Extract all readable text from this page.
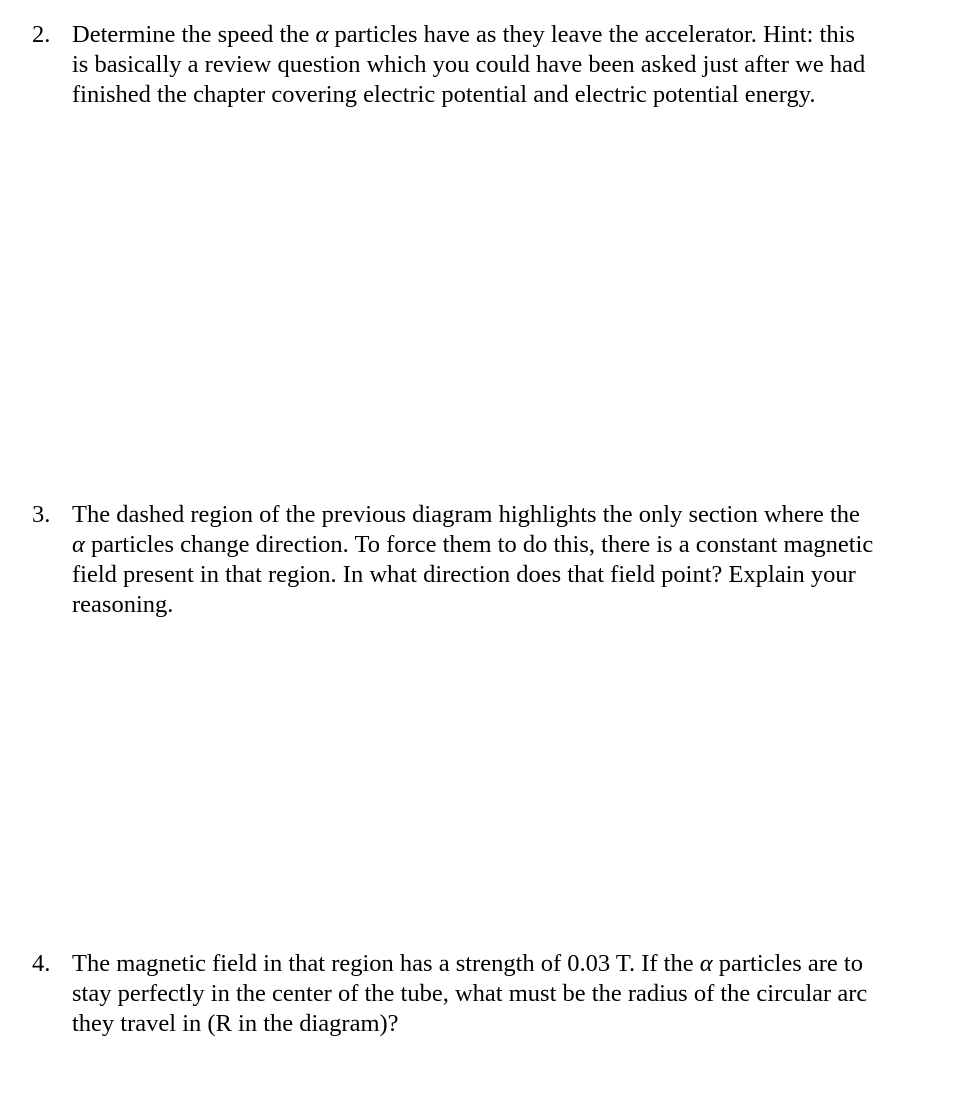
2. Determine the speed the α particles have as they leave the accelerator. Hint: this

is basically a review question which you could have been asked just after we had

finished the chapter covering electric potential and electric potential energy.

3. The dashed region of the previous diagram highlights the only section where the

α particles change direction. To force them to do this, there is a constant magnetic

field present in that region. In what direction does that field point? Explain your

reasoning.

4. The magnetic field in that region has a strength of 0.03 T. If the α particles are to

stay perfectly in the center of the tube, what must be the radius of the circular arc

they travel in (R in the diagram)?
